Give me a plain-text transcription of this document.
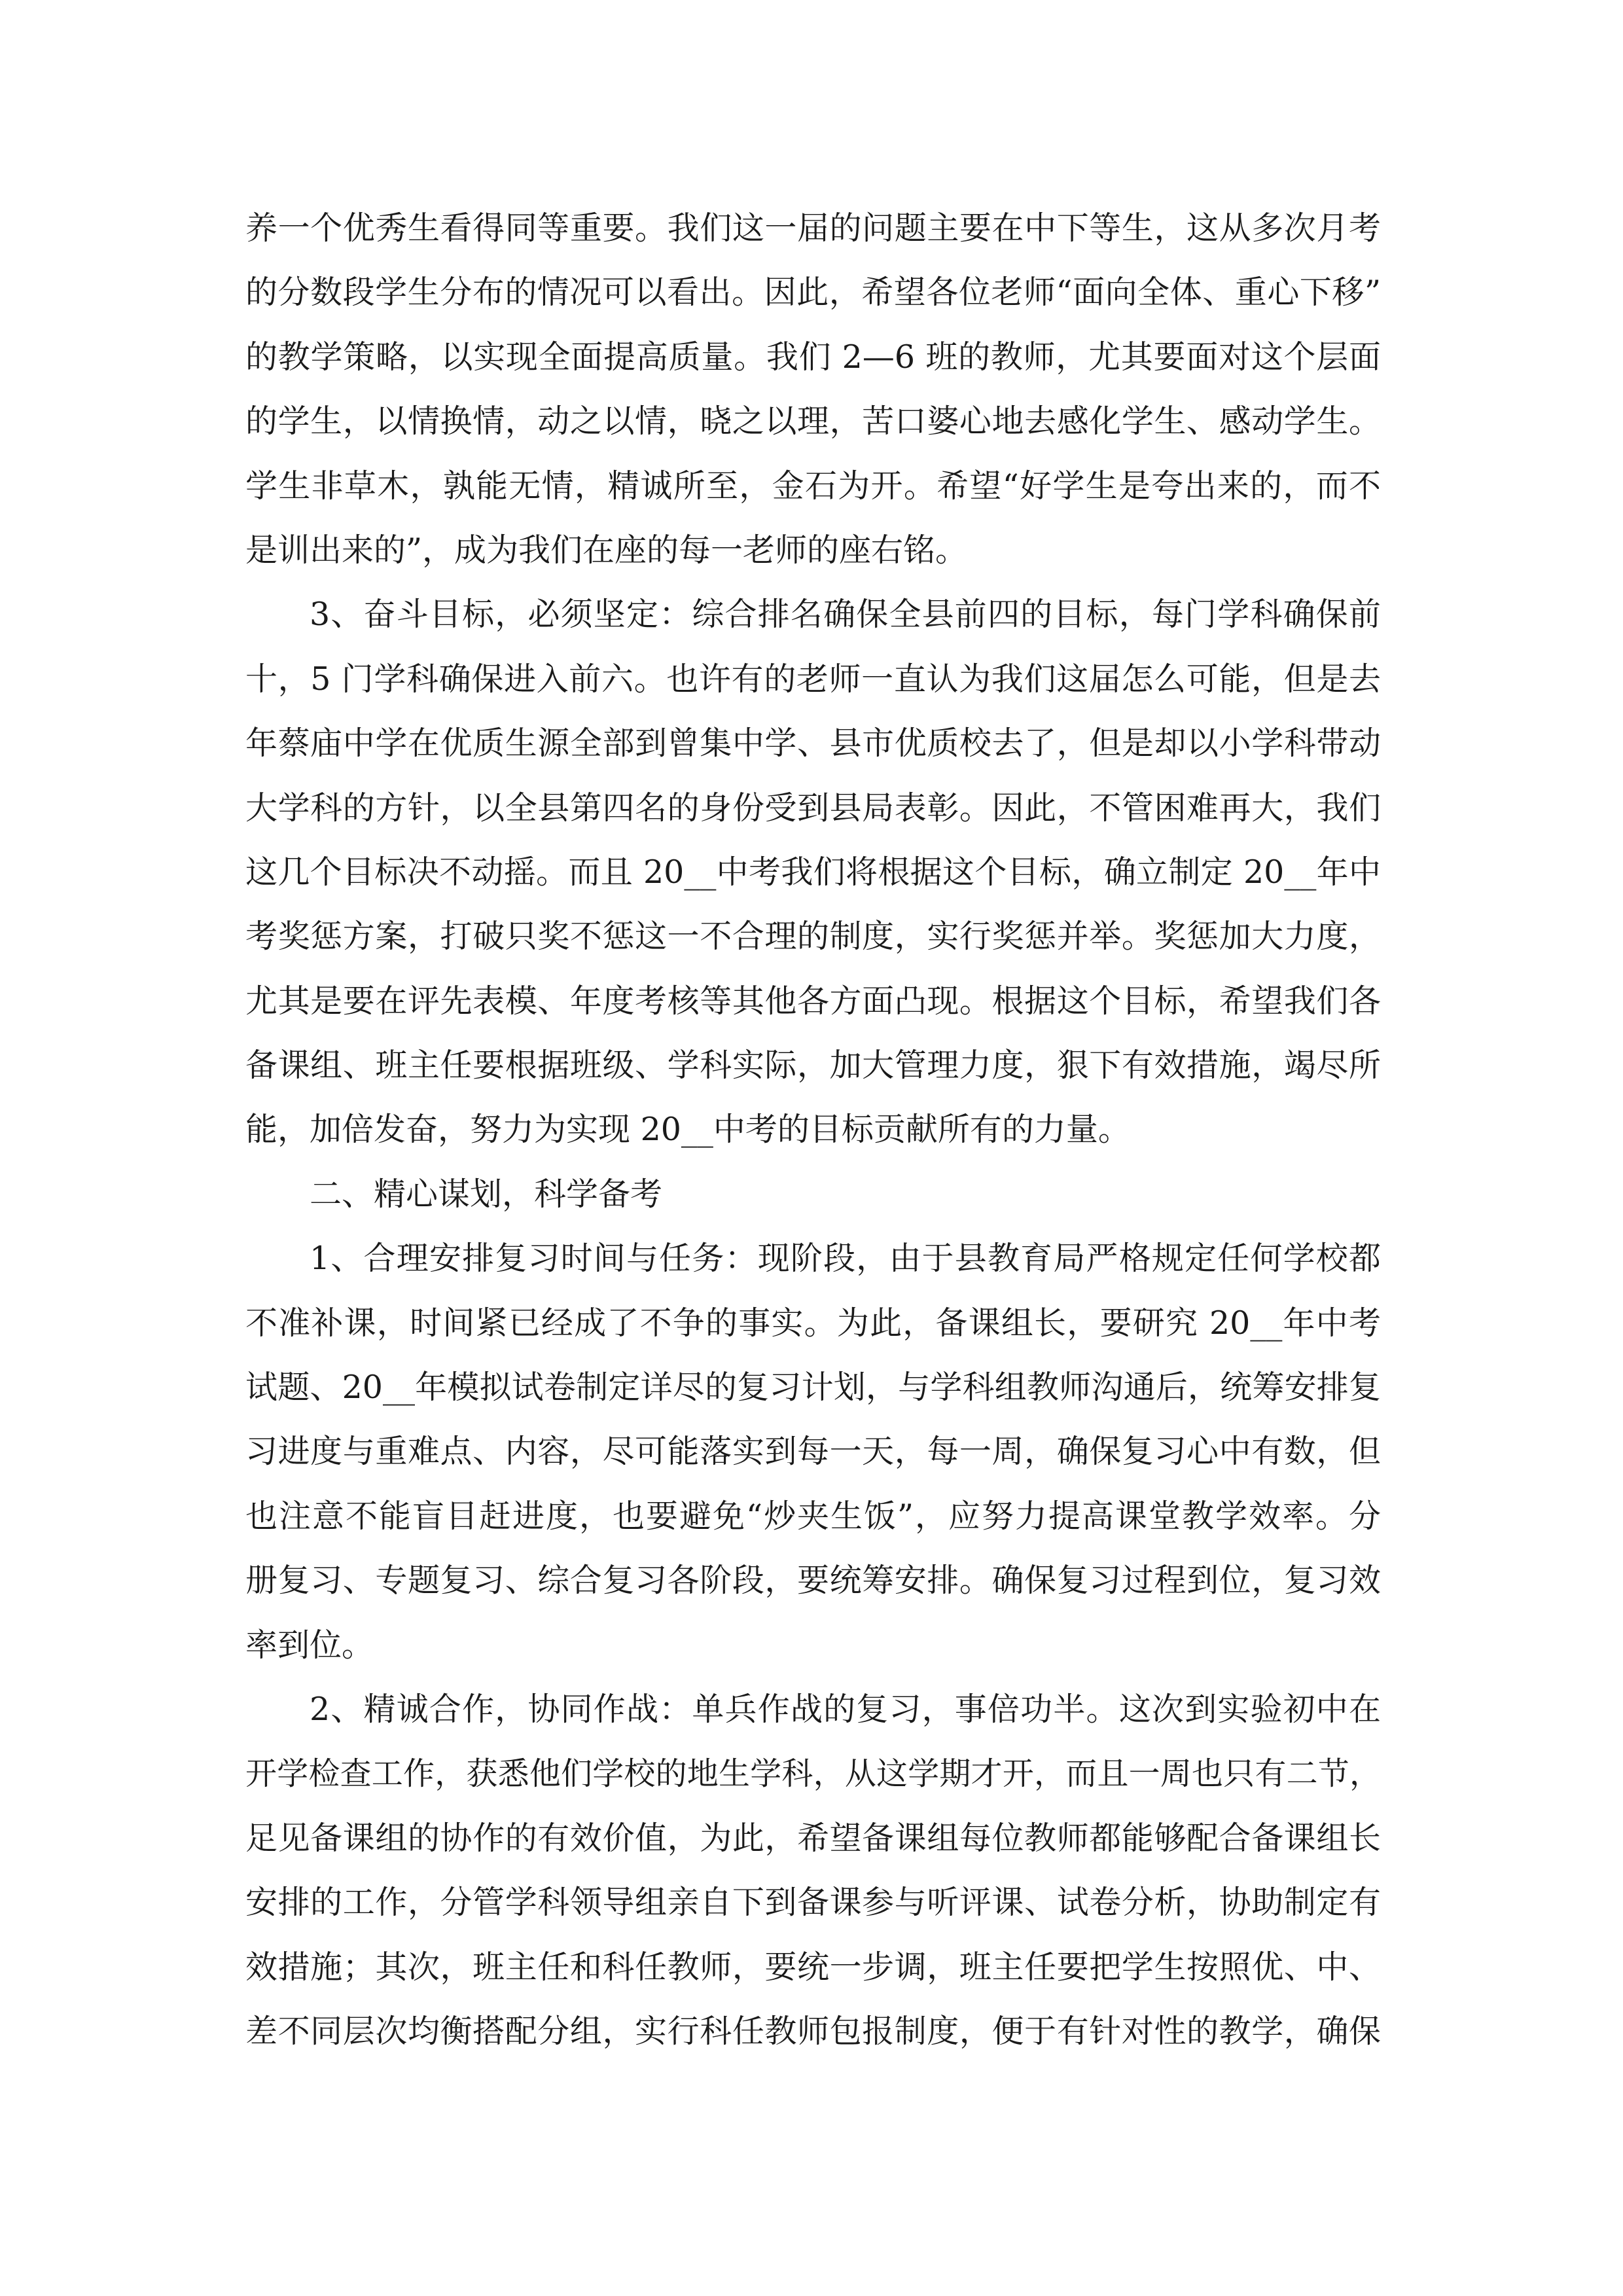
养一个优秀生看得同等重要。我们这一届的问题主要在中下等生，这从多次月考
的分数段学生分布的情况可以看出。因此，希望各位老师“面向全体、重心下移”
的教学策略，以实现全面提高质量。我们 2—6 班的教师，尤其要面对这个层面
的学生，以情换情，动之以情，晓之以理，苦口婆心地去感化学生、感动学生。
学生非草木，孰能无情，精诚所至，金石为开。希望“好学生是夸出来的，而不
是训出来的”，成为我们在座的每一老师的座右铭。
3、奋斗目标，必须坚定：综合排名确保全县前四的目标，每门学科确保前
十，5 门学科确保进入前六。也许有的老师一直认为我们这届怎么可能，但是去
年蔡庙中学在优质生源全部到曾集中学、县市优质校去了，但是却以小学科带动
大学科的方针，以全县第四名的身份受到县局表彰。因此，不管困难再大，我们
这几个目标决不动摇。而且 20__中考我们将根据这个目标，确立制定 20__年中
考奖惩方案，打破只奖不惩这一不合理的制度，实行奖惩并举。奖惩加大力度，
尤其是要在评先表模、年度考核等其他各方面凸现。根据这个目标，希望我们各
备课组、班主任要根据班级、学科实际，加大管理力度，狠下有效措施，竭尽所
能，加倍发奋，努力为实现 20__中考的目标贡献所有的力量。
二、精心谋划，科学备考
1、合理安排复习时间与任务：现阶段，由于县教育局严格规定任何学校都
不准补课，时间紧已经成了不争的事实。为此，备课组长，要研究 20__年中考
试题、20__年模拟试卷制定详尽的复习计划，与学科组教师沟通后，统筹安排复
习进度与重难点、内容，尽可能落实到每一天，每一周，确保复习心中有数，但
也注意不能盲目赶进度，也要避免“炒夹生饭”，应努力提高课堂教学效率。分
册复习、专题复习、综合复习各阶段，要统筹安排。确保复习过程到位，复习效
率到位。
2、精诚合作，协同作战：单兵作战的复习，事倍功半。这次到实验初中在
开学检查工作，获悉他们学校的地生学科，从这学期才开，而且一周也只有二节，
足见备课组的协作的有效价值，为此，希望备课组每位教师都能够配合备课组长
安排的工作，分管学科领导组亲自下到备课参与听评课、试卷分析，协助制定有
效措施；其次，班主任和科任教师，要统一步调，班主任要把学生按照优、中、
差不同层次均衡搭配分组，实行科任教师包报制度，便于有针对性的教学，确保
